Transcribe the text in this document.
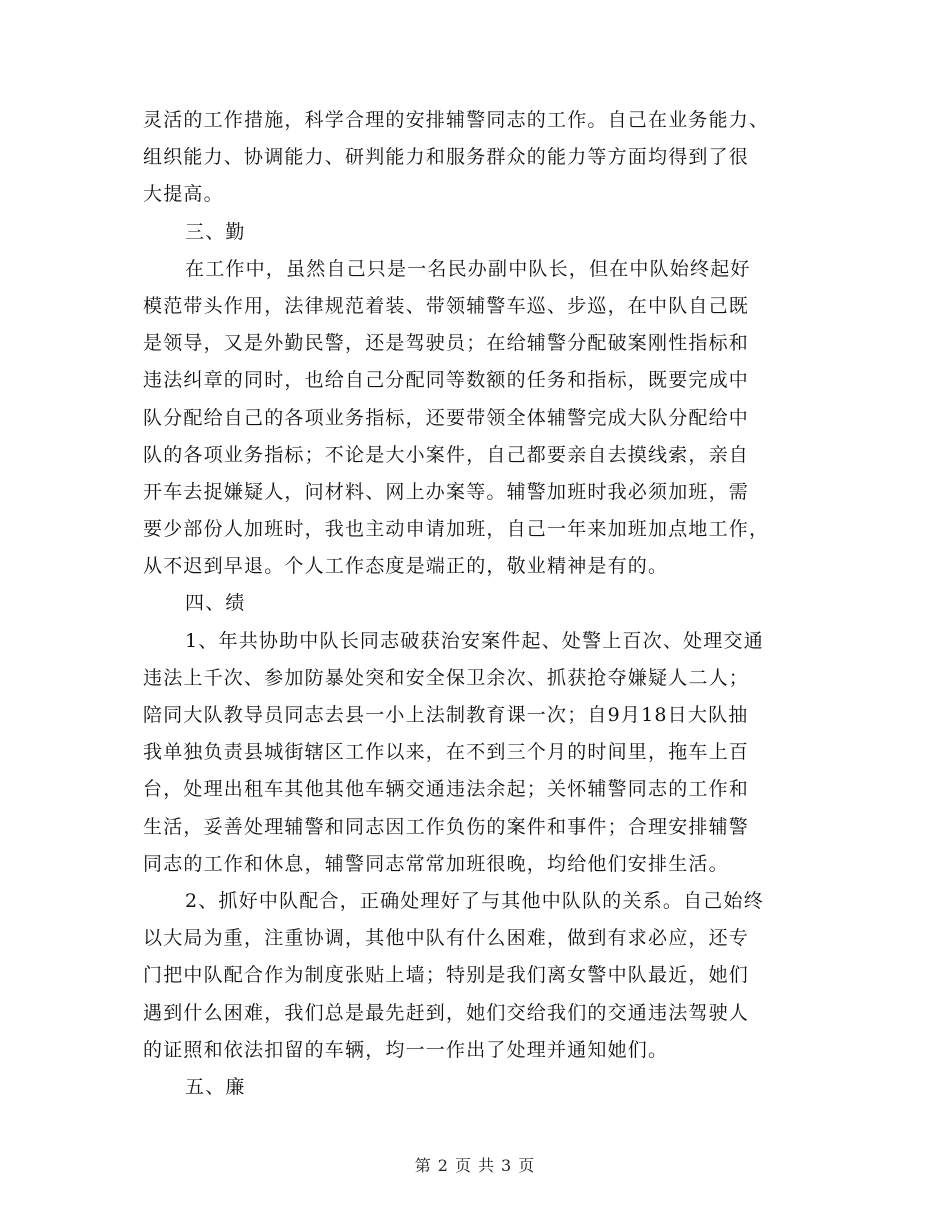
灵活的工作措施，科学合理的安排辅警同志的工作。自己在业务能力、
组织能力、协调能力、研判能力和服务群众的能力等方面均得到了很
大提高。
三、勤
在工作中，虽然自己只是一名民办副中队长，但在中队始终起好
模范带头作用，法律规范着装、带领辅警车巡、步巡，在中队自己既
是领导，又是外勤民警，还是驾驶员；在给辅警分配破案刚性指标和
违法纠章的同时，也给自己分配同等数额的任务和指标，既要完成中
队分配给自己的各项业务指标，还要带领全体辅警完成大队分配给中
队的各项业务指标；不论是大小案件，自己都要亲自去摸线索，亲自
开车去捉嫌疑人，问材料、网上办案等。辅警加班时我必须加班，需
要少部份人加班时，我也主动申请加班，自己一年来加班加点地工作，
从不迟到早退。个人工作态度是端正的，敬业精神是有的。
四、绩
1、年共协助中队长同志破获治安案件起、处警上百次、处理交通
违法上千次、参加防暴处突和安全保卫余次、抓获抢夺嫌疑人二人；
陪同大队教导员同志去县一小上法制教育课一次；自9月18日大队抽
我单独负责县城街辖区工作以来，在不到三个月的时间里，拖车上百
台，处理出租车其他其他车辆交通违法余起；关怀辅警同志的工作和
生活，妥善处理辅警和同志因工作负伤的案件和事件；合理安排辅警
同志的工作和休息，辅警同志常常加班很晚，均给他们安排生活。
2、抓好中队配合，正确处理好了与其他中队队的关系。自己始终
以大局为重，注重协调，其他中队有什么困难，做到有求必应，还专
门把中队配合作为制度张贴上墙；特别是我们离女警中队最近，她们
遇到什么困难，我们总是最先赶到，她们交给我们的交通违法驾驶人
的证照和依法扣留的车辆，均一一作出了处理并通知她们。
五、廉
第 2 页 共 3 页
